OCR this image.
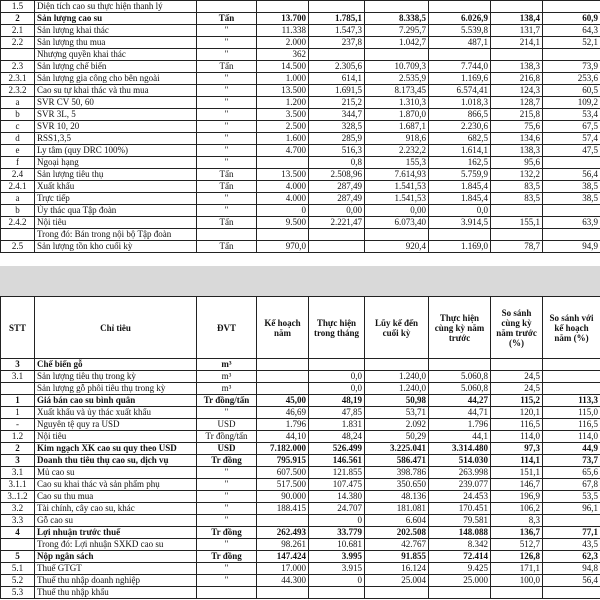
1.5	Diện tích cao su thực hiện thanh lý							
2	Sản lượng cao su	Tấn	13.700	1.785,1	8.338,5	6.026,9	138,4	60,9
2.1	Sản lượng khai thác	"	11.338	1.547,3	7.295,7	5.539,8	131,7	64,3
2.2	Sản lượng thu mua	"	2.000	237,8	1.042,7	487,1	214,1	52,1
	Nhượng quyền khai thác	"	362					
2.3	Sản lượng chế biến	Tấn	14.500	2.305,6	10.709,3	7.744,0	138,3	73,9
2.3.1	Sản lượng gia công cho bên ngoài	"	1.000	614,1	2.535,9	1.169,6	216,8	253,6
2.3.2	Cao su tự khai thác và thu mua	"	13.500	1.691,5	8.173,45	6.574,41	124,3	60,5
a	SVR CV 50, 60	"	1.200	215,2	1.310,3	1.018,3	128,7	109,2
b	SVR 3L, 5	"	3.500	344,7	1.870,0	866,5	215,8	53,4
c	SVR 10, 20	"	2.500	328,5	1.687,1	2.230,6	75,6	67,5
d	RSS1,3,5	"	1.600	285,9	918,6	682,5	134,6	57,4
e	Ly tâm (quy DRC 100%)	"	4.700	516,3	2.232,2	1.614,1	138,3	47,5
f	Ngoại hạng	"		0,8	155,3	162,5	95,6	
2.4	Sản lượng tiêu thụ	Tấn	13.500	2.508,96	7.614,93	5.759,9	132,2	56,4
2.4.1	Xuất khẩu	Tấn	4.000	287,49	1.541,53	1.845,4	83,5	38,5
a	Trực tiếp	"	4.000	287,49	1.541,53	1.845,4	83,5	38,5
b	Ủy thác qua Tập đoàn	"	0	0,00	0,00	0,0		
2.4.2	Nội tiêu	Tấn	9.500	2.221,47	6.073,40	3.914,5	155,1	63,9
	Trong đó: Bán trong nội bộ Tập đoàn							
2.5	Sản lượng tồn kho cuối kỳ	Tấn	970,0		920,4	1.169,0	78,7	94,9
STT	Chỉ tiêu	ĐVT	Kế hoạch năm	Thực hiện trong tháng	Lũy kế đến cuối kỳ	Thực hiện cùng kỳ năm trước	So sánh cùng kỳ năm trước (%)	So sánh với kế hoạch năm (%)
3	Chế biến gỗ	m³						
3.1	Sản lượng tiêu thụ trong kỳ	m³		0,0	1.240,0	5.060,8	24,5	
	Sản lượng gỗ phôi tiêu thụ trong kỳ	m³		0,0	1.240,0	5.060,8	24,5	
1	Giá bán cao su bình quân	Tr đồng/tấn	45,00	48,19	50,98	44,27	115,2	113,3
1	Xuất khẩu và ủy thác xuất khẩu	"	46,69	47,85	53,71	44,71	120,1	115,0
-	Nguyên tệ quy ra USD	USD	1.796	1.831	2.092	1.796	116,5	116,5
1.2	Nội tiêu	Tr đồng/tấn	44,10	48,24	50,29	44,1	114,0	114,0
2	Kim ngạch XK cao su quy theo USD	USD	7.182.000	526.499	3.225.041	3.314.480	97,3	44,9
3	Doanh thu tiêu thụ cao su, dịch vụ	Tr đồng	795.915	146.561	586.471	514.030	114,1	73,7
3.1	Mủ cao su	"	607.500	121.855	398.786	263.998	151,1	65,6
3.1.1	Cao su khai thác và sản phẩm phụ	"	517.500	107.475	350.650	239.077	146,7	67,8
3..1.2	Cao su thu mua	"	90.000	14.380	48.136	24.453	196,9	53,5
3.2	Tài chính, cây cao su, khác	"	188.415	24.707	181.081	170.451	106,2	96,1
3.3	Gỗ cao su	"		0	6.604	79.581	8,3	
4	Lợi nhuận trước thuế	Tr đồng	262.493	33.779	202.508	148.088	136,7	77,1
	Trong đó: Lợi nhuận SXKD cao su	"	98.261	10.681	42.767	8.342	512,7	43,5
5	Nộp ngân sách	Tr đồng	147.424	3.995	91.855	72.414	126,8	62,3
5.1	Thuế GTGT	"	17.000	3.915	16.124	9.425	171,1	94,8
5.2	Thuế thu nhập doanh nghiệp	"	44.300	0	25.004	25.000	100,0	56,4
5.3	Thuế thu nhập khẩu							
